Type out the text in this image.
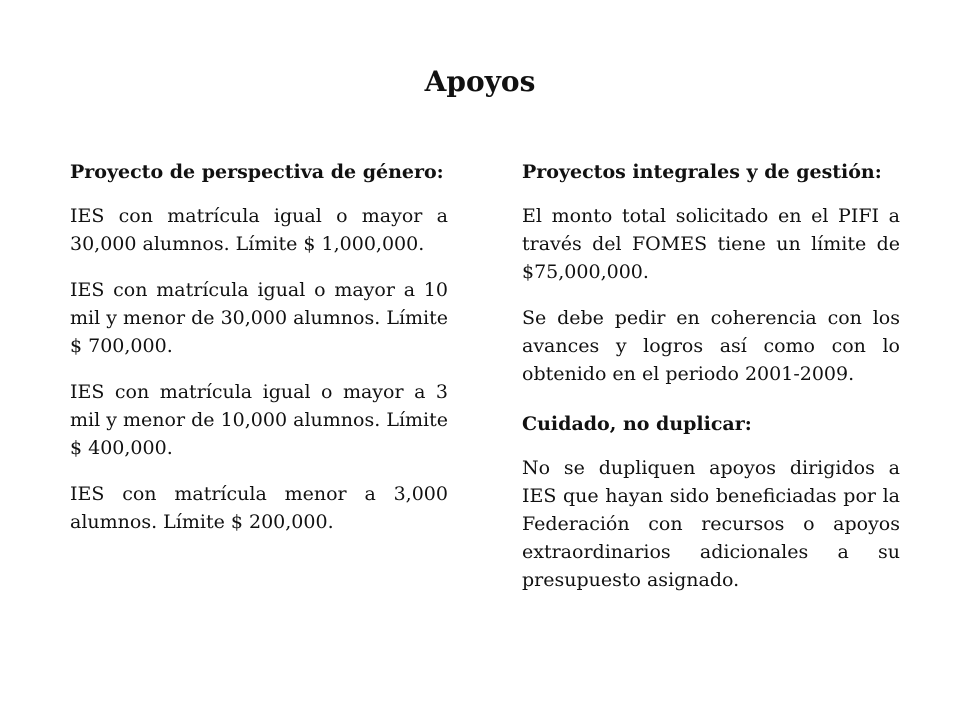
Apoyos
Proyecto de perspectiva de género:
IES con matrícula igual o mayor a 30,000 alumnos. Límite $ 1,000,000.
IES con matrícula igual o mayor a 10 mil y menor de 30,000 alumnos. Límite $ 700,000.
IES con matrícula igual o mayor a 3 mil y menor de 10,000 alumnos. Límite $ 400,000.
IES con matrícula menor a 3,000 alumnos. Límite $ 200,000.
Proyectos integrales y de gestión:
El monto total solicitado en el PIFI a través del FOMES tiene un límite de $75,000,000.
Se debe pedir en coherencia con los avances y logros así como con lo obtenido en el periodo 2001-2009.
Cuidado, no duplicar:
No se dupliquen apoyos dirigidos a IES que hayan sido beneficiadas por la Federación con recursos o apoyos extraordinarios adicionales a su presupuesto asignado.
